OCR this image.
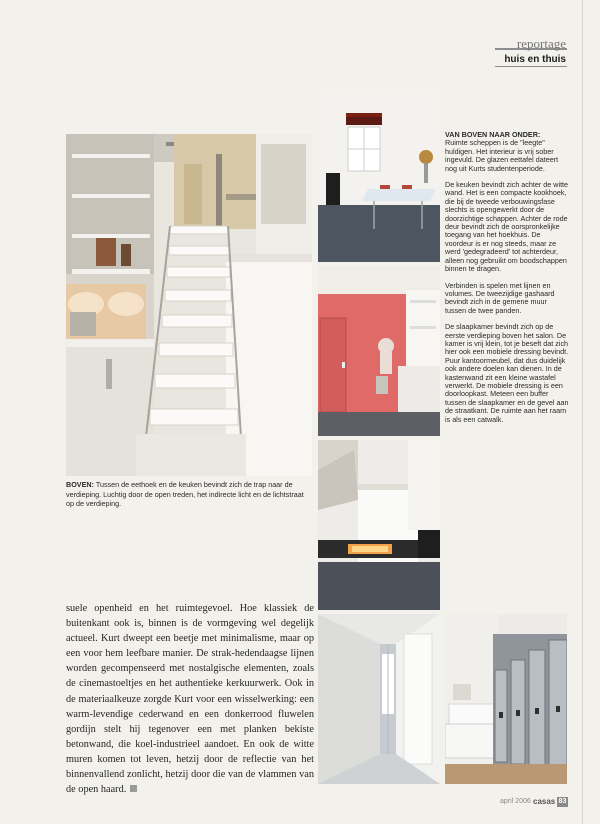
reportage
huis en thuis

VAN BOVEN NAAR ONDER:

Ruimte scheppen is de "leegte" huldigen. Het interieur is vrij sober ingevuld. De glazen eettafel dateert nog uit Kurts studentenperiode.

De keuken bevindt zich achter de witte wand. Het is een compacte kookhoek, die bij de tweede verbouwingsfase slechts is opengewerkt door de doorzichtige schappen. Achter de rode deur bevindt zich de oorspronkelijke toegang van het hoekhuis. De voordeur is er nog steeds, maar ze werd 'gedegradeerd' tot achterdeur, alleen nog gebruikt om boodschappen binnen te dragen.

Verbinden is spelen met lijnen en volumes. De tweezijdige gashaard bevindt zich in de gemene muur tussen de twee panden.

De slaapkamer bevindt zich op de eerste verdieping boven het salon. De kamer is vrij klein, tot je beseft dat zich hier ook een mobiele dressing bevindt. Puur kantoormeubel, dat dus duidelijk ook andere doelen kan dienen. In de kastenwand zit een kleine wastafel verwerkt. De mobiele dressing is een doorloopkast. Meteen een buffer tussen de slaapkamer en de gevel aan de straatkant. De ruimte aan het raam is als een catwalk.

BOVEN: Tussen de eethoek en de keuken bevindt zich de trap naar de verdieping. Luchtig door de open treden, het indirecte licht en de lichtstraat op de verdieping.
suele openheid en het ruimtegevoel. Hoe klassiek de buitenkant ook is, binnen is de vormgeving wel degelijk actueel. Kurt dweept een beetje met minimalisme, maar op een voor hem leefbare manier. De strak-hedendaagse lijnen worden gecompenseerd met nostalgische elementen, zoals de cinemastoeltjes en het authentieke kerkuurwerk. Ook in de materiaalkeuze zorgde Kurt voor een wisselwerking: een warm-levendige cederwand en een donkerrood fluwelen gordijn stelt hij tegenover een met planken bekiste betonwand, die koel-industrieel aandoet. En ook de witte muren komen tot leven, hetzij door de reflectie van het binnenvallend zonlicht, hetzij door die van de vlammen van de open haard.
april 2006 casas 83
